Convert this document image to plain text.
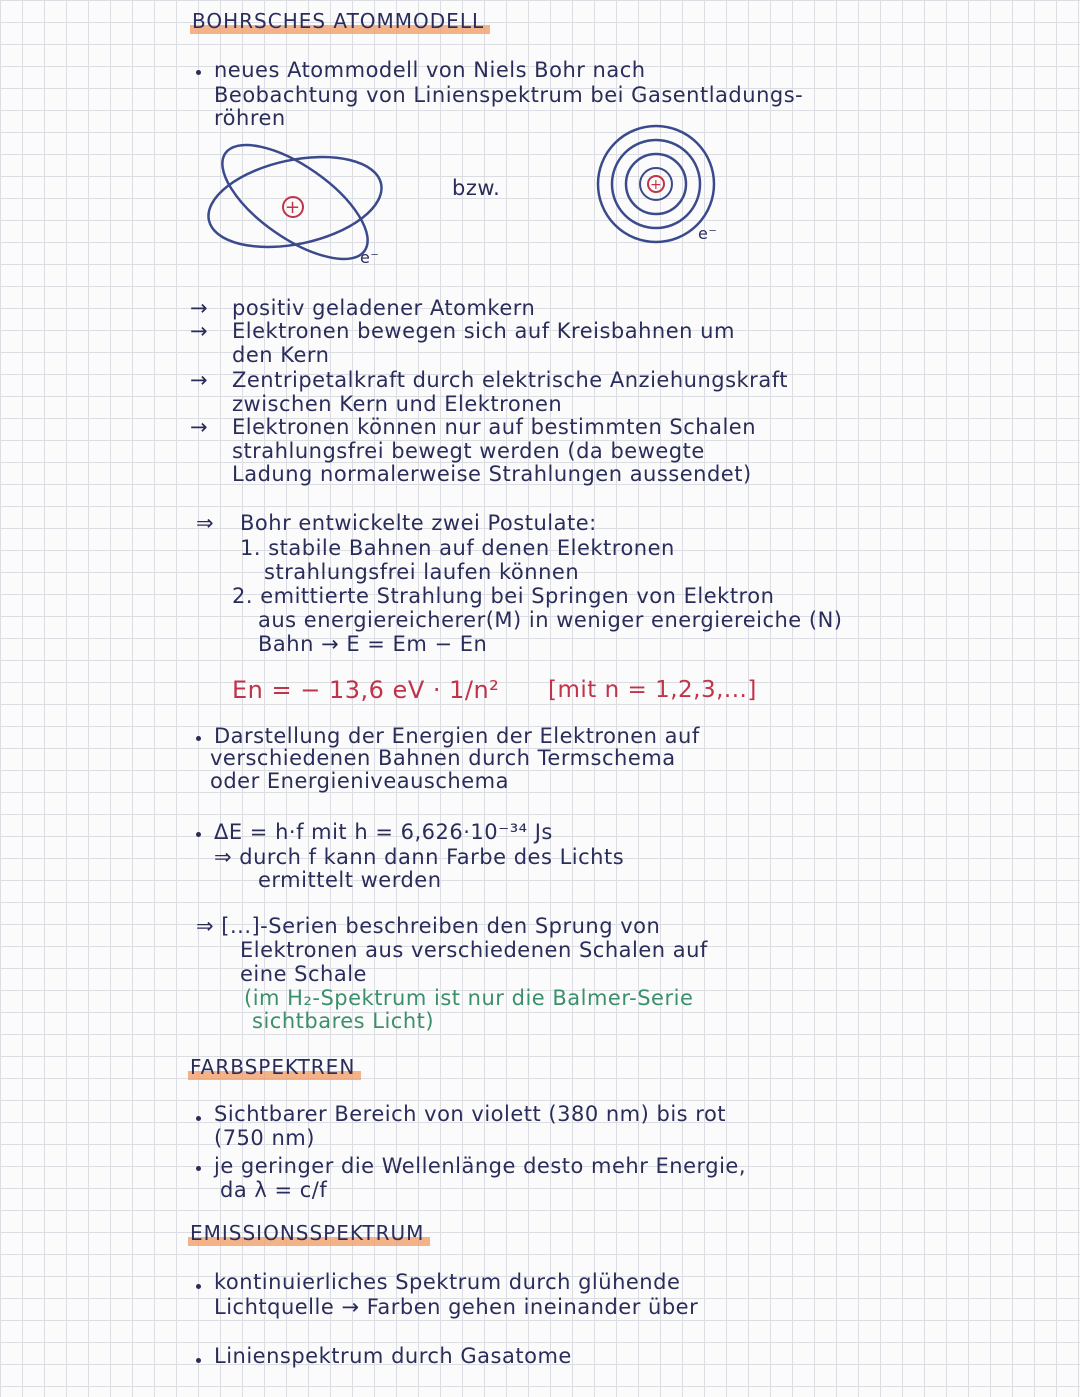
BOHRSCHES ATOMMODELL
neues Atommodell von Niels Bohr nach
Beobachtung von Linienspektrum bei Gasentladungs-
röhren
+
e⁻
bzw.	+
e⁻
→ positiv geladener Atomkern
→ Elektronen bewegen sich auf Kreisbahnen um
den Kern
→ Zentripetalkraft durch elektrische Anziehungskraft
zwischen Kern und Elektronen
→ Elektronen können nur auf bestimmten Schalen
strahlungsfrei bewegt werden (da bewegte
Ladung normalerweise Strahlungen aussendet)
⇒ Bohr entwickelte zwei Postulate:
1. stabile Bahnen auf denen Elektronen
strahlungsfrei laufen können
2. emittierte Strahlung bei Springen von Elektron
aus energiereicherer(M) in weniger energiereiche (N)
Bahn → E = Em − En
En = − 13,6 eV · 1/n² [mit n = 1,2,3,...]
Darstellung der Energien der Elektronen auf
verschiedenen Bahnen durch Termschema
oder Energieniveauschema
ΔE = h·f mit h = 6,626·10⁻³⁴ Js
⇒ durch f kann dann Farbe des Lichts
ermittelt werden
⇒ [...]-Serien beschreiben den Sprung von
Elektronen aus verschiedenen Schalen auf
eine Schale
(im H₂-Spektrum ist nur die Balmer-Serie
sichtbares Licht)
FARBSPEKTREN
Sichtbarer Bereich von violett (380 nm) bis rot
(750 nm)
je geringer die Wellenlänge desto mehr Energie,
da λ = c/f
EMISSIONSSPEKTRUM
kontinuierliches Spektrum durch glühende
Lichtquelle → Farben gehen ineinander über
Linienspektrum durch Gasatome
